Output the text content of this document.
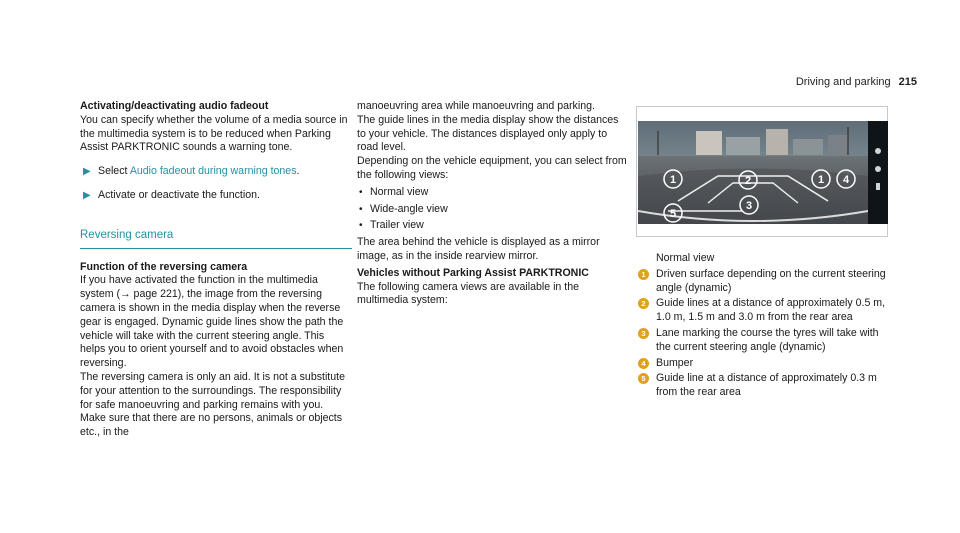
Driving and parking 215

Activating/deactivating audio fadeout

You can specify whether the volume of a media source in the multimedia system is to be reduced when Parking Assist PARKTRONIC sounds a warning tone.

▶ Select Audio fadeout during warning tones.
▶ Activate or deactivate the function.
Reversing camera

Function of the reversing camera

If you have activated the function in the multimedia system (→ page 221), the image from the reversing camera is shown in the media display when the reverse gear is engaged. Dynamic guide lines show the path the vehicle will take with the current steering angle. This helps you to orient yourself and to avoid obstacles when reversing.

The reversing camera is only an aid. It is not a substitute for your attention to the surroundings. The responsibility for safe manoeuvring and parking remains with you. Make sure that there are no persons, animals or objects etc., in the

manoeuvring area while manoeuvring and parking.

The guide lines in the media display show the distances to your vehicle. The distances displayed only apply to road level.

Depending on the vehicle equipment, you can select from the following views:

• Normal view
• Wide-angle view
• Trailer view

The area behind the vehicle is displayed as a mirror image, as in the inside rearview mirror.

Vehicles without Parking Assist PARKTRONIC

The following camera views are available in the multimedia system:

1	2
3
1 4
5
Normal view
1 Driven surface depending on the current steering angle (dynamic)
2 Guide lines at a distance of approximately 0.5 m, 1.0 m, 1.5 m and 3.0 m from the rear area
3 Lane marking the course the tyres will take with the current steering angle (dynamic)
4 Bumper
5 Guide line at a distance of approximately 0.3 m from the rear area
